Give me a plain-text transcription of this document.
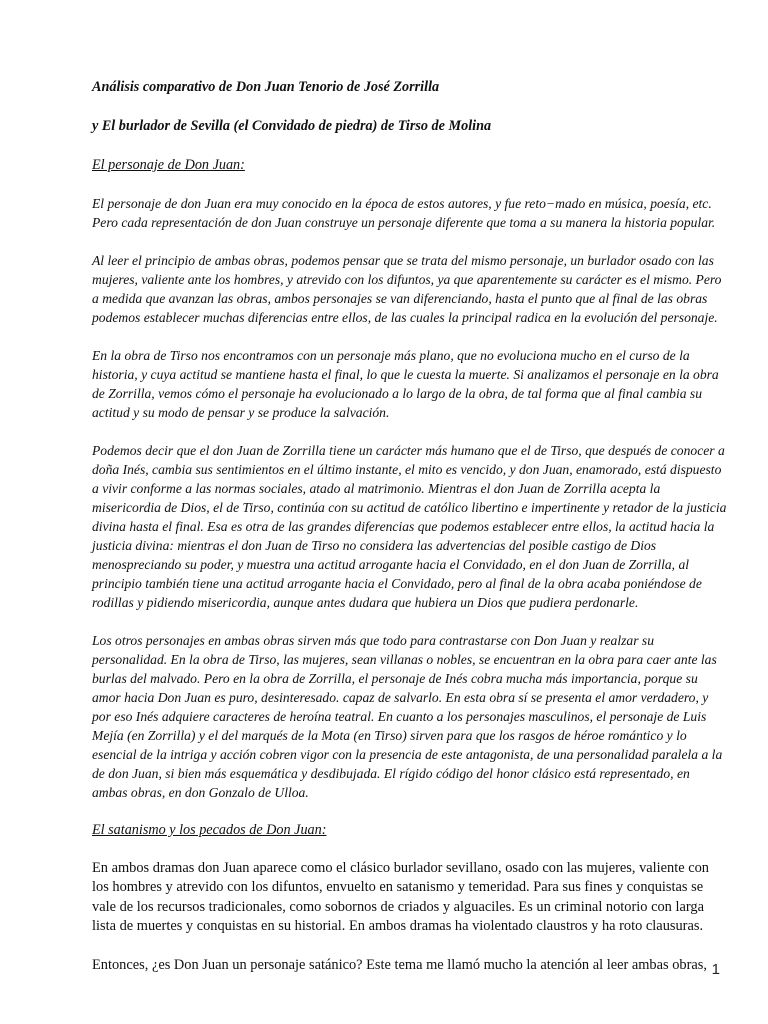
Análisis comparativo de Don Juan Tenorio de José Zorrilla

y El burlador de Sevilla (el Convidado de piedra) de Tirso de Molina

El personaje de Don Juan:

El personaje de don Juan era muy conocido en la época de estos autores, y fue reto−mado en música, poesía, etc. Pero cada representación de don Juan construye un personaje diferente que toma a su manera la historia popular.

Al leer el principio de ambas obras, podemos pensar que se trata del mismo personaje, un burlador osado con las mujeres, valiente ante los hombres, y atrevido con los difuntos, ya que aparentemente su carácter es el mismo. Pero a medida que avanzan las obras, ambos personajes se van diferenciando, hasta el punto que al final de las obras podemos establecer muchas diferencias entre ellos, de las cuales la principal radica en la evolución del personaje.

En la obra de Tirso nos encontramos con un personaje más plano, que no evoluciona mucho en el curso de la historia, y cuya actitud se mantiene hasta el final, lo que le cuesta la muerte. Si analizamos el personaje en la obra de Zorrilla, vemos cómo el personaje ha evolucionado a lo largo de la obra, de tal forma que al final cambia su actitud y su modo de pensar y se produce la salvación.

Podemos decir que el don Juan de Zorrilla tiene un carácter más humano que el de Tirso, que después de conocer a doña Inés, cambia sus sentimientos en el último instante, el mito es vencido, y don Juan, enamorado, está dispuesto a vivir conforme a las normas sociales, atado al matrimonio. Mientras el don Juan de Zorrilla acepta la misericordia de Dios, el de Tirso, continúa con su actitud de católico libertino e impertinente y retador de la justicia divina hasta el final. Esa es otra de las grandes diferencias que podemos establecer entre ellos, la actitud hacia la justicia divina: mientras el don Juan de Tirso no considera las advertencias del posible castigo de Dios menospreciando su poder, y muestra una actitud arrogante hacia el Convidado, en el don Juan de Zorrilla, al principio también tiene una actitud arrogante hacia el Convidado, pero al final de la obra acaba poniéndose de rodillas y pidiendo misericordia, aunque antes dudara que hubiera un Dios que pudiera perdonarle.

Los otros personajes en ambas obras sirven más que todo para contrastarse con Don Juan y realzar su personalidad. En la obra de Tirso, las mujeres, sean villanas o nobles, se encuentran en la obra para caer ante las burlas del malvado. Pero en la obra de Zorrilla, el personaje de Inés cobra mucha más importancia, porque su amor hacia Don Juan es puro, desinteresado. capaz de salvarlo. En esta obra sí se presenta el amor verdadero, y por eso Inés adquiere caracteres de heroína teatral. En cuanto a los personajes masculinos, el personaje de Luis Mejía (en Zorrilla) y el del marqués de la Mota (en Tirso) sirven para que los rasgos de héroe romántico y lo esencial de la intriga y acción cobren vigor con la presencia de este antagonista, de una personalidad paralela a la de don Juan, si bien más esquemática y desdibujada. El rígido código del honor clásico está representado, en ambas obras, en don Gonzalo de Ulloa.

El satanismo y los pecados de Don Juan:

En ambos dramas don Juan aparece como el clásico burlador sevillano, osado con las mujeres, valiente con los hombres y atrevido con los difuntos, envuelto en satanismo y temeridad. Para sus fines y conquistas se vale de los recursos tradicionales, como sobornos de criados y alguaciles. Es un criminal notorio con larga lista de muertes y conquistas en su historial. En ambos dramas ha violentado claustros y ha roto clausuras.

Entonces, ¿es Don Juan un personaje satánico? Este tema me llamó mucho la atención al leer ambas obras, 1
